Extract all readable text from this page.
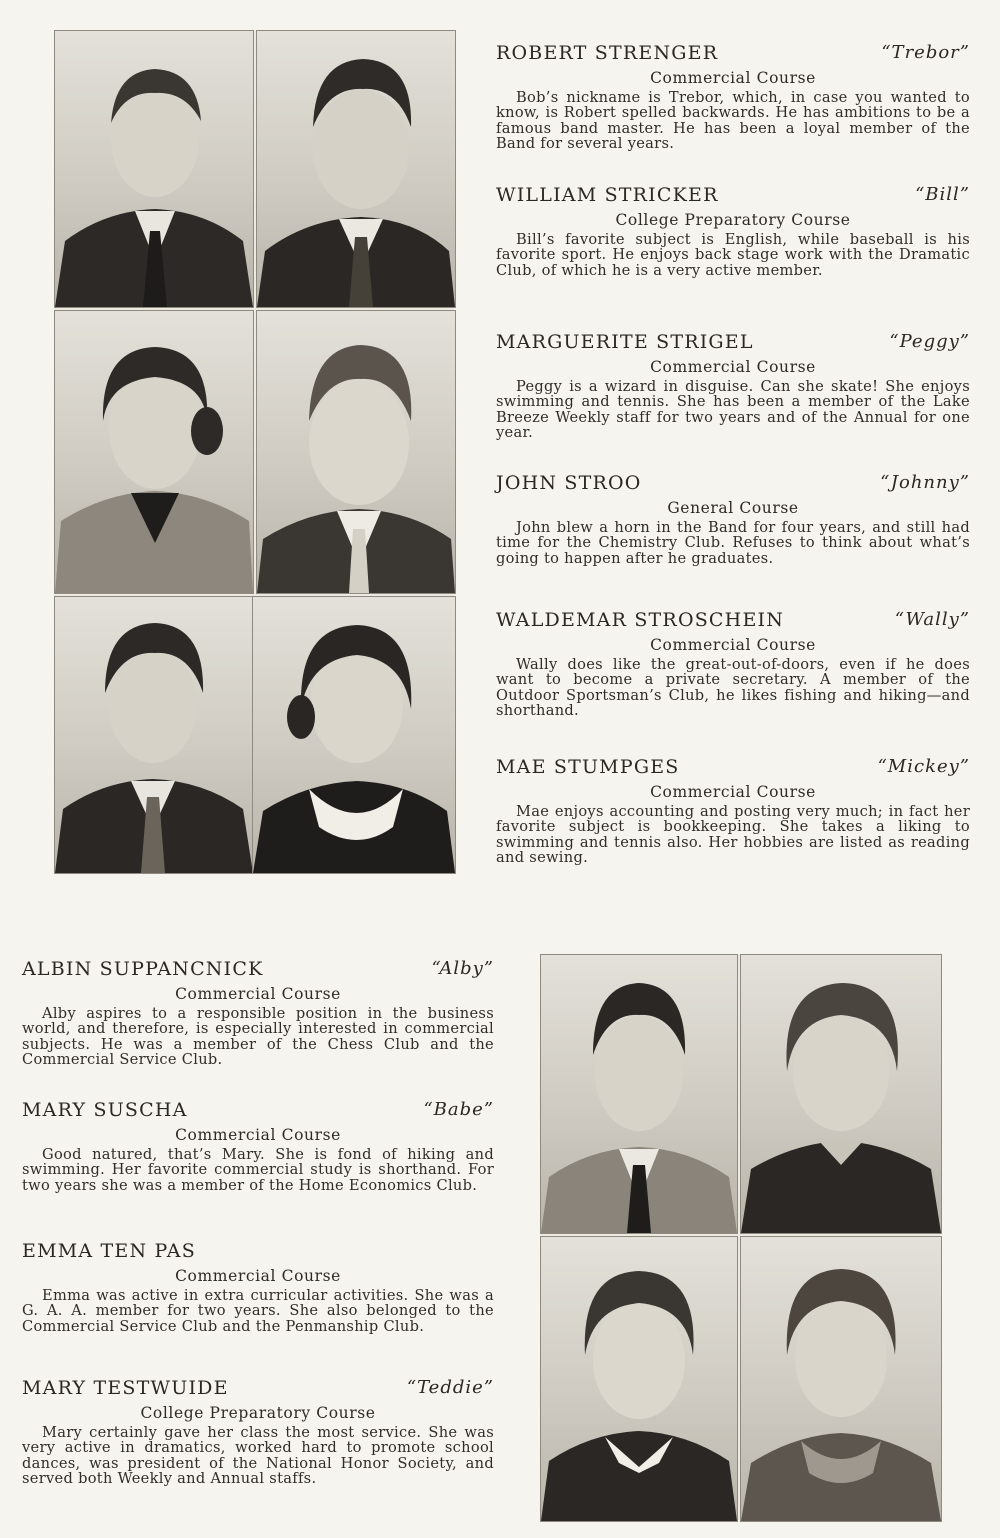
ROBERT STRENGER	“Trebor”
Commercial Course
Bob’s nickname is Trebor, which, in case you wanted to know, is Robert spelled backwards. He has ambitions to be a famous band master. He has been a loyal member of the Band for several years.
WILLIAM STRICKER	“Bill”
College Preparatory Course
Bill’s favorite subject is English, while baseball is his favorite sport. He enjoys back stage work with the Dramatic Club, of which he is a very active member.
MARGUERITE STRIGEL	“Peggy”
Commercial Course
Peggy is a wizard in disguise. Can she skate! She enjoys swimming and tennis. She has been a member of the Lake Breeze Weekly staff for two years and of the Annual for one year.
JOHN STROO	“Johnny”
General Course
John blew a horn in the Band for four years, and still had time for the Chemistry Club. Refuses to think about what’s going to happen after he graduates.
WALDEMAR STROSCHEIN	“Wally”
Commercial Course
Wally does like the great-out-of-doors, even if he does want to become a private secretary. A member of the Outdoor Sportsman’s Club, he likes fishing and hiking—and shorthand.
MAE STUMPGES	“Mickey”
Commercial Course
Mae enjoys accounting and posting very much; in fact her favorite subject is bookkeeping. She takes a liking to swimming and tennis also. Her hobbies are listed as reading and sewing.
ALBIN SUPPANCNICK	“Alby”
Commercial Course
Alby aspires to a responsible position in the business world, and therefore, is especially interested in commercial subjects. He was a member of the Chess Club and the Commercial Service Club.
MARY SUSCHA	“Babe”
Commercial Course
Good natured, that’s Mary. She is fond of hiking and swimming. Her favorite commercial study is shorthand. For two years she was a member of the Home Economics Club.
EMMA TEN PAS
Commercial Course
Emma was active in extra curricular activities. She was a G. A. A. member for two years. She also belonged to the Commercial Service Club and the Penmanship Club.
MARY TESTWUIDE	“Teddie”
College Preparatory Course
Mary certainly gave her class the most service. She was very active in dramatics, worked hard to promote school dances, was president of the National Honor Society, and served both Weekly and Annual staffs.
